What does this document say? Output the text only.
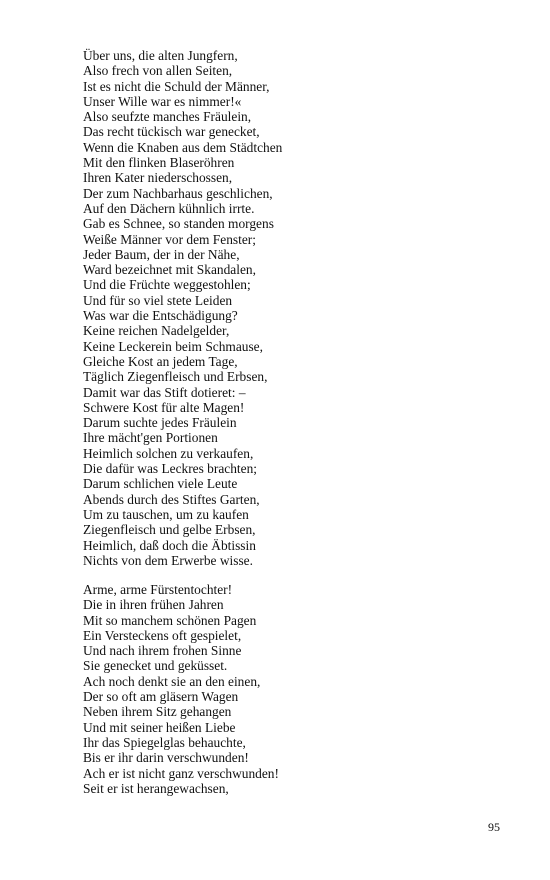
Über uns, die alten Jungfern,
Also frech von allen Seiten,
Ist es nicht die Schuld der Männer,
Unser Wille war es nimmer!«
Also seufzte manches Fräulein,
Das recht tückisch war genecket,
Wenn die Knaben aus dem Städtchen
Mit den flinken Blaseröhren
Ihren Kater niederschossen,
Der zum Nachbarhaus geschlichen,
Auf den Dächern kühnlich irrte.
Gab es Schnee, so standen morgens
Weiße Männer vor dem Fenster;
Jeder Baum, der in der Nähe,
Ward bezeichnet mit Skandalen,
Und die Früchte weggestohlen;
Und für so viel stete Leiden
Was war die Entschädigung?
Keine reichen Nadelgelder,
Keine Leckerein beim Schmause,
Gleiche Kost an jedem Tage,
Täglich Ziegenfleisch und Erbsen,
Damit war das Stift dotieret: –
Schwere Kost für alte Magen!
Darum suchte jedes Fräulein
Ihre mächt'gen Portionen
Heimlich solchen zu verkaufen,
Die dafür was Leckres brachten;
Darum schlichen viele Leute
Abends durch des Stiftes Garten,
Um zu tauschen, um zu kaufen
Ziegenfleisch und gelbe Erbsen,
Heimlich, daß doch die Äbtissin
Nichts von dem Erwerbe wisse.
Arme, arme Fürstentochter!
Die in ihren frühen Jahren
Mit so manchem schönen Pagen
Ein Versteckens oft gespielet,
Und nach ihrem frohen Sinne
Sie genecket und geküsset.
Ach noch denkt sie an den einen,
Der so oft am gläsern Wagen
Neben ihrem Sitz gehangen
Und mit seiner heißen Liebe
Ihr das Spiegelglas behauchte,
Bis er ihr darin verschwunden!
Ach er ist nicht ganz verschwunden!
Seit er ist herangewachsen,
95
